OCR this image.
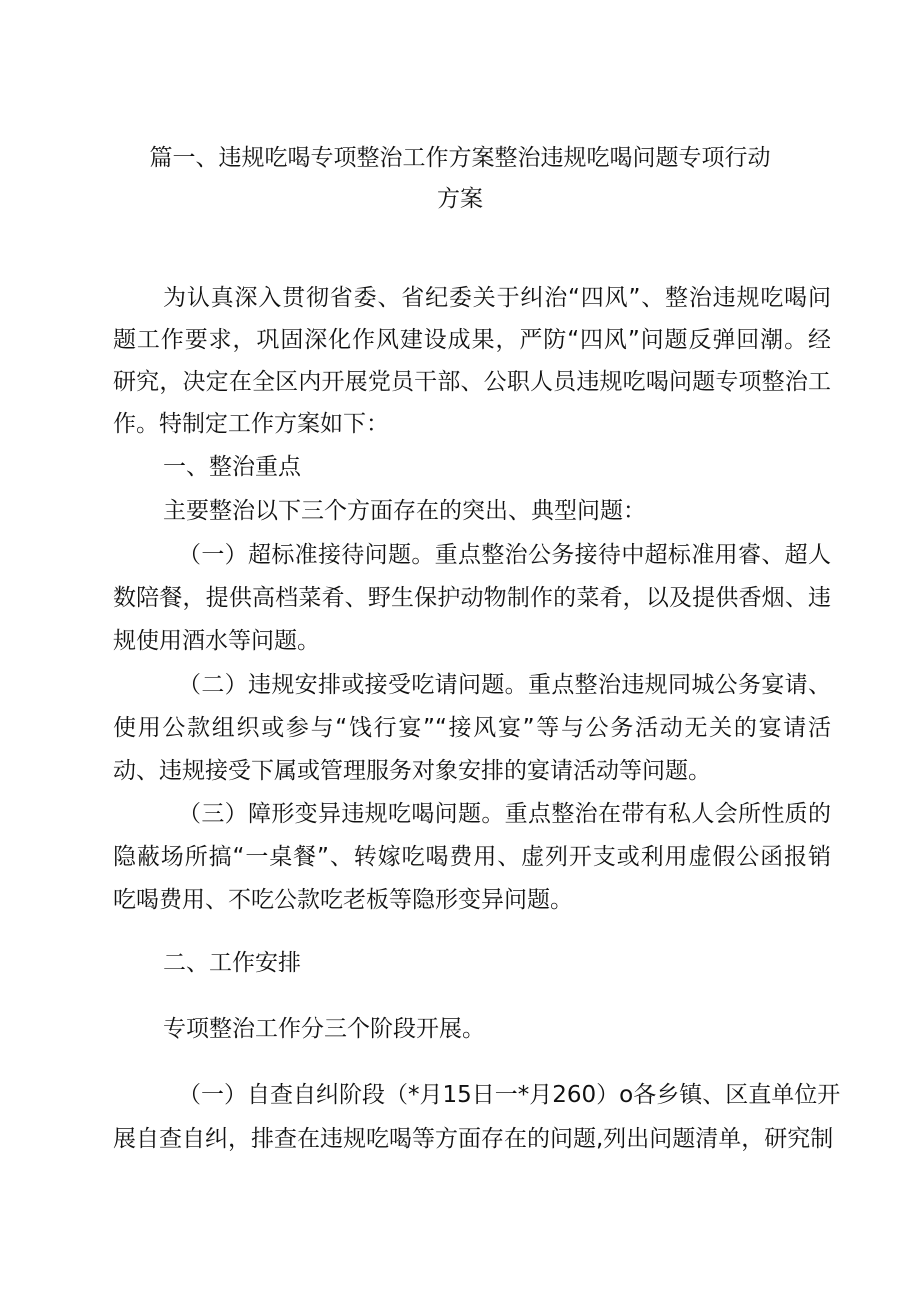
篇一、违规吃喝专项整治工作方案整治违规吃喝问题专项行动
方案
为认真深入贯彻省委、省纪委关于纠治“四风”、整治违规吃喝问
题工作要求，巩固深化作风建设成果，严防“四风”问题反弹回潮。经
研究，决定在全区内开展党员干部、公职人员违规吃喝问题专项整治工
作。特制定工作方案如下：
一、整治重点
主要整治以下三个方面存在的突出、典型问题：
（一）超标准接待问题。重点整治公务接待中超标准用睿、超人
数陪餐，提供高档菜肴、野生保护动物制作的菜肴，以及提供香烟、违
规使用酒水等问题。
（二）违规安排或接受吃请问题。重点整治违规同城公务宴请、
使用公款组织或参与“饯行宴”“接风宴”等与公务活动无关的宴请活
动、违规接受下属或管理服务对象安排的宴请活动等问题。
（三）障形变异违规吃喝问题。重点整治在带有私人会所性质的
隐蔽场所搞“一桌餐”、转嫁吃喝费用、虚列开支或利用虚假公函报销
吃喝费用、不吃公款吃老板等隐形变异问题。
二、工作安排
专项整治工作分三个阶段开展。
（一）自查自纠阶段（*月15日一*月260）o各乡镇、区直单位开
展自查自纠，排查在违规吃喝等方面存在的问题,列出问题清单，研究制
